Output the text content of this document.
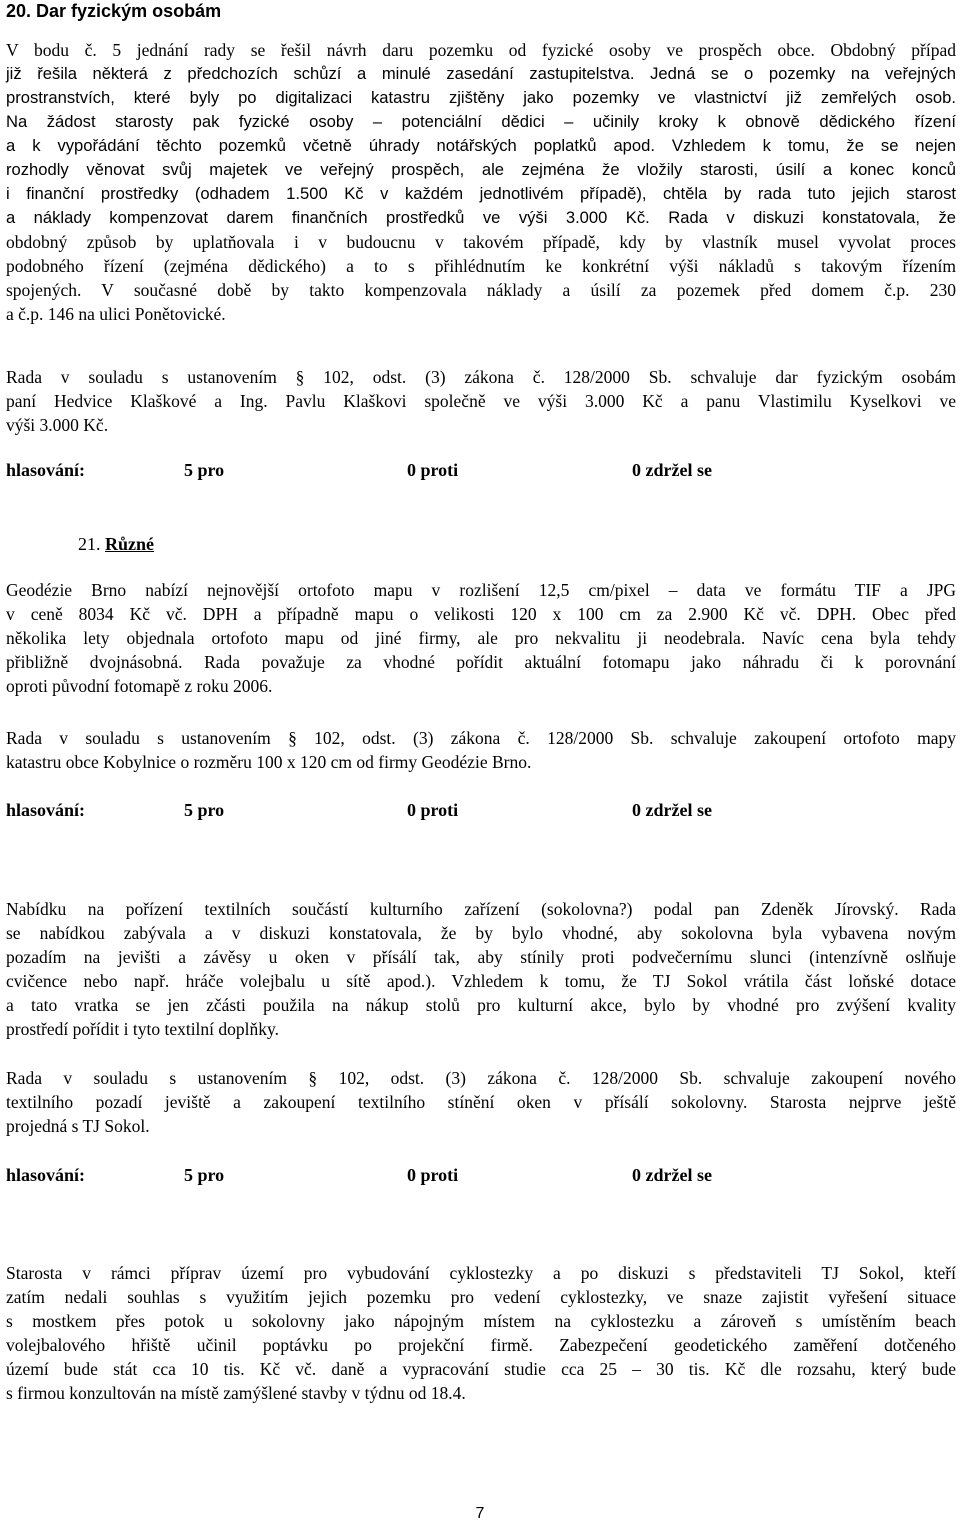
20. Dar fyzickým osobám
V bodu č. 5 jednání rady se řešil návrh daru pozemku od fyzické osoby ve prospěch obce. Obdobný případ
již řešila některá z předchozích schůzí a minulé zasedání zastupitelstva. Jedná se o pozemky na veřejných
prostranstvích, které byly po digitalizaci katastru zjištěny jako pozemky ve vlastnictví již zemřelých osob.
Na žádost starosty pak fyzické osoby – potenciální dědici – učinily kroky k obnově dědického řízení
a k vypořádání těchto pozemků včetně úhrady notářských poplatků apod. Vzhledem k tomu, že se nejen
rozhodly věnovat svůj majetek ve veřejný prospěch, ale zejména že vložily starosti, úsilí a konec konců
i finanční prostředky (odhadem 1.500 Kč v každém jednotlivém případě), chtěla by rada tuto jejich starost
a náklady kompenzovat darem finančních prostředků ve výši 3.000 Kč. Rada v diskuzi konstatovala, že
obdobný způsob by uplatňovala i v budoucnu v takovém případě, kdy by vlastník musel vyvolat proces
podobného řízení (zejména dědického) a to s přihlédnutím ke konkrétní výši nákladů s takovým řízením
spojených. V současné době by takto kompenzovala náklady a úsilí za pozemek před domem č.p. 230
a č.p. 146 na ulici Ponětovické.
Rada v souladu s ustanovením § 102, odst. (3) zákona č. 128/2000 Sb. schvaluje dar fyzickým osobám
paní Hedvice Klaškové a Ing. Pavlu Klaškovi společně ve výši 3.000 Kč a panu Vlastimilu Kyselkovi ve
výši 3.000 Kč.
hlasování:	5 pro	0 proti	0 zdržel se
21. Různé
Geodézie Brno nabízí nejnovější ortofoto mapu v rozlišení 12,5 cm/pixel – data ve formátu TIF a JPG
v ceně 8034 Kč vč. DPH a případně mapu o velikosti 120 x 100 cm za 2.900 Kč vč. DPH. Obec před
několika lety objednala ortofoto mapu od jiné firmy, ale pro nekvalitu ji neodebrala. Navíc cena byla tehdy
přibližně dvojnásobná. Rada považuje za vhodné pořídit aktuální fotomapu jako náhradu či k porovnání
oproti původní fotomapě z roku 2006.
Rada v souladu s ustanovením § 102, odst. (3) zákona č. 128/2000 Sb. schvaluje zakoupení ortofoto mapy
katastru obce Kobylnice o rozměru 100 x 120 cm od firmy Geodézie Brno.
hlasování:	5 pro	0 proti	0 zdržel se
Nabídku na pořízení textilních součástí kulturního zařízení (sokolovna?) podal pan Zdeněk Jírovský. Rada
se nabídkou zabývala a v diskuzi konstatovala, že by bylo vhodné, aby sokolovna byla vybavena novým
pozadím na jevišti a závěsy u oken v přísálí tak, aby stínily proti podvečernímu slunci (intenzívně oslňuje
cvičence nebo např. hráče volejbalu u sítě apod.). Vzhledem k tomu, že TJ Sokol vrátila část loňské dotace
a tato vratka se jen zčásti použila na nákup stolů pro kulturní akce, bylo by vhodné pro zvýšení kvality
prostředí pořídit i tyto textilní doplňky.
Rada v souladu s ustanovením § 102, odst. (3) zákona č. 128/2000 Sb. schvaluje zakoupení nového
textilního pozadí jeviště a zakoupení textilního stínění oken v přísálí sokolovny. Starosta nejprve ještě
projedná s TJ Sokol.
hlasování:	5 pro	0 proti	0 zdržel se
Starosta v rámci příprav území pro vybudování cyklostezky a po diskuzi s představiteli TJ Sokol, kteří
zatím nedali souhlas s využitím jejich pozemku pro vedení cyklostezky, ve snaze zajistit vyřešení situace
s mostkem přes potok u sokolovny jako nápojným místem na cyklostezku a zároveň s umístěním beach
volejbalového hřiště učinil poptávku po projekční firmě. Zabezpečení geodetického zaměření dotčeného
území bude stát cca 10 tis. Kč vč. daně a vypracování studie cca 25 – 30 tis. Kč dle rozsahu, který bude
s firmou konzultován na místě zamýšlené stavby v týdnu od 18.4.
7
